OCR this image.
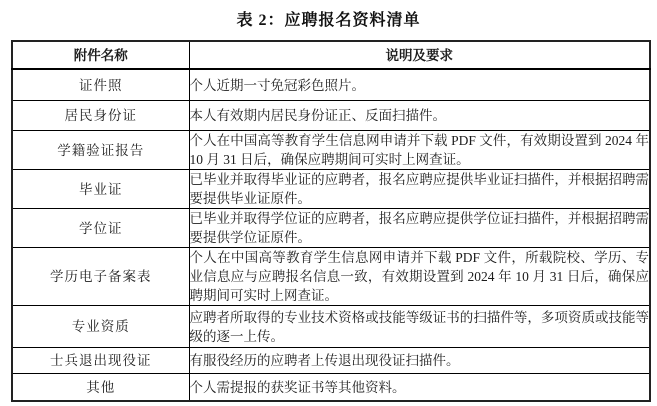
表 2：应聘报名资料清单
附件名称	说明及要求
证件照	个人近期一寸免冠彩色照片。
居民身份证	本人有效期内居民身份证正、反面扫描件。
学籍验证报告	个人在中国高等教育学生信息网申请并下载 PDF 文件，有效期设置到 2024 年 10 月 31 日后，确保应聘期间可实时上网查证。
毕业证	已毕业并取得毕业证的应聘者，报名应聘应提供毕业证扫描件，并根据招聘需要提供毕业证原件。
学位证	已毕业并取得学位证的应聘者，报名应聘应提供学位证扫描件，并根据招聘需要提供学位证原件。
学历电子备案表	个人在中国高等教育学生信息网申请并下载 PDF 文件，所载院校、学历、专业信息应与应聘报名信息一致，有效期设置到 2024 年 10 月 31 日后，确保应聘期间可实时上网查证。
专业资质	应聘者所取得的专业技术资格或技能等级证书的扫描件等，多项资质或技能等级的逐一上传。
士兵退出现役证	有服役经历的应聘者上传退出现役证扫描件。
其他	个人需提报的获奖证书等其他资料。
